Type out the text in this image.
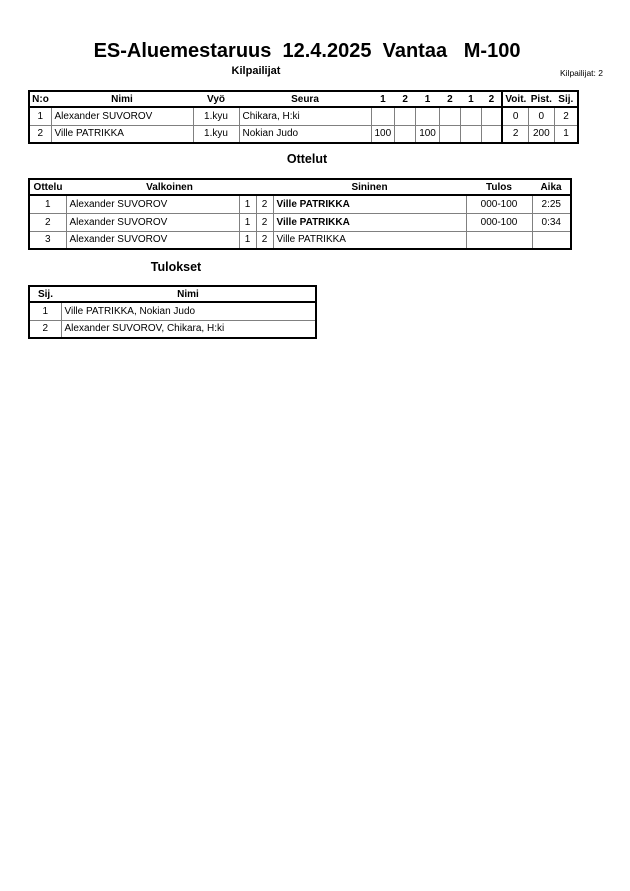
ES-Aluemestaruus  12.4.2025  Vantaa   M-100
Kilpailijat	Kilpailijat: 2
N:o	Nimi	Vyö	Seura	1	2	1	2	1	2	Voit.	Pist.	Sij.
1	Alexander SUVOROV	1.kyu	Chikara, H:ki							0	0	2
2	Ville PATRIKKA	1.kyu	Nokian Judo	100		100				2	200	1
Ottelut
Ottelu	Valkoinen			Sininen	Tulos	Aika
1	Alexander SUVOROV	1	2	Ville PATRIKKA	000-100	2:25
2	Alexander SUVOROV	1	2	Ville PATRIKKA	000-100	0:34
3	Alexander SUVOROV	1	2	Ville PATRIKKA		
Tulokset
Sij.	Nimi
1	Ville PATRIKKA, Nokian Judo
2	Alexander SUVOROV, Chikara, H:ki
